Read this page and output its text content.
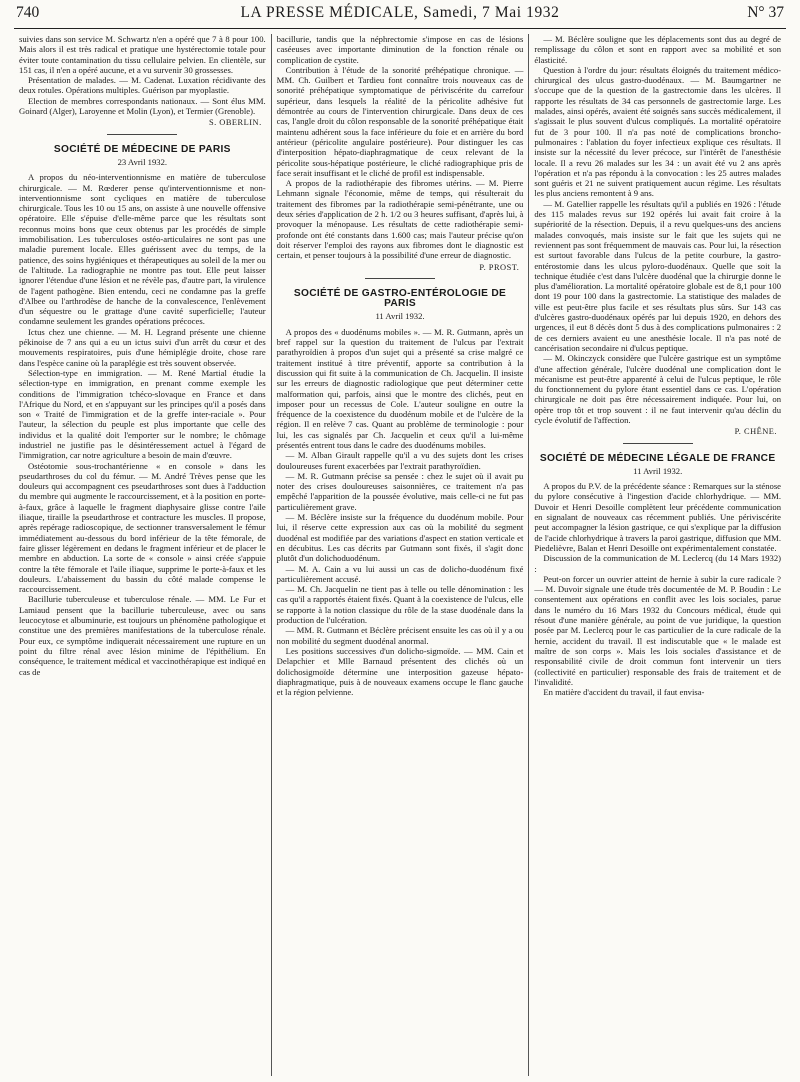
740	LA PRESSE MÉDICALE, Samedi, 7 Mai 1932	N° 37

suivies dans son service M. Schwartz n'en a opéré que 7 à 8 pour 100. Mais alors il est très radical et pratique une hystérectomie totale pour éviter toute contamination du tissu cellulaire pelvien. En clientèle, sur 151 cas, il n'en a opéré aucune, et a vu survenir 30 grossesses.

Présentation de malades. — M. Cadenat. Luxation récidivante des deux rotules. Opérations multiples. Guérison par myoplastie.

Election de membres correspondants nationaux. — Sont élus MM. Goinard (Alger), Laroyenne et Molin (Lyon), et Termier (Grenoble).

S. OBERLIN.
SOCIÉTÉ DE MÉDECINE DE PARIS
23 Avril 1932.

A propos du néo-interventionnisme en matière de tuberculose chirurgicale. — M. Rœderer pense qu'interventionnisme et non-interventionnisme sont cycliques en matière de tuberculose chirurgicale. Tous les 10 ou 15 ans, on assiste à une nouvelle offensive opératoire. Elle s'épuise d'elle-même parce que les résultats sont reconnus moins bons que ceux obtenus par les procédés de simple immobilisation. Les tuberculoses ostéo-articulaires ne sont pas une maladie purement locale. Elles guérissent avec du temps, de la patience, des soins hygiéniques et thérapeutiques au soleil de la mer ou de l'altitude. La radiographie ne montre pas tout. Elle peut laisser ignorer l'étendue d'une lésion et ne révèle pas, d'autre part, la virulence de l'agent pathogène. Bien entendu, ceci ne condamne pas la greffe d'Albee ou l'arthrodèse de hanche de la convalescence, l'enlèvement d'un séquestre ou le grattage d'une cavité superficielle; l'auteur condamne seulement les grandes opérations précoces.

Ictus chez une chienne. — M. H. Legrand présente une chienne pékinoise de 7 ans qui a eu un ictus suivi d'un arrêt du cœur et des mouvements respiratoires, puis d'une hémiplégie droite, chose rare dans l'espèce canine où la paraplégie est très souvent observée.

Sélection-type en immigration. — M. René Martial étudie la sélection-type en immigration, en prenant comme exemple les conditions de l'immigration tchéco-slovaque en France et dans l'Afrique du Nord, et en s'appuyant sur les principes qu'il a posés dans son « Traité de l'immigration et de la greffe inter-raciale ». Pour l'auteur, la sélection du peuple est plus importante que celle des individus et la qualité doit l'emporter sur le nombre; le chômage industriel ne justifie pas le désintéressement actuel à l'égard de l'immigration, car notre agriculture a besoin de main d'œuvre.

Ostéotomie sous-trochantérienne « en console » dans les pseudarthroses du col du fémur. — M. André Trèves pense que les douleurs qui accompagnent ces pseudarthroses sont dues à l'adduction du membre qui augmente le raccourcissement, et à la position en porte-à-faux, grâce à laquelle le fragment diaphysaire glisse contre l'aile iliaque, tiraille la pseudarthrose et contracture les muscles. Il propose, après repérage radioscopique, de sectionner transversalement le fémur immédiatement au-dessous du bord inférieur de la tête fémorale, de faire glisser légèrement en dedans le fragment inférieur et de placer le membre en abduction. La sorte de « console » ainsi créée s'appuie contre la tête fémorale et l'aile iliaque, supprime le porte-à-faux et les douleurs. L'abaissement du bassin du côté malade compense le raccourcissement.

Bacillurie tuberculeuse et tuberculose rénale. — MM. Le Fur et Lamiaud pensent que la bacillurie tuberculeuse, avec ou sans leucocytose et albuminurie, est toujours un phénomène pathologique et constitue une des premières manifestations de la tuberculose rénale. Pour eux, ce symptôme indiquerait nécessairement une rupture en un point du filtre rénal avec lésion minime de l'épithélium. En conséquence, le traitement médical et vaccinothérapique est indiqué en cas de

bacillurie, tandis que la néphrectomie s'impose en cas de lésions caséeuses avec importante diminution de la fonction rénale ou complication de cystite.

Contribution à l'étude de la sonorité préhépatique chronique. — MM. Ch. Guilbert et Tardieu font connaître trois nouveaux cas de sonorité préhépatique symptomatique de périviscérite du carrefour supérieur, dans lesquels la réalité de la péricolite adhésive fut démontrée au cours de l'intervention chirurgicale. Dans deux de ces cas, l'angle droit du côlon responsable de la sonorité préhépatique était maintenu adhérent sous la face inférieure du foie et en arrière du bord antérieur (péricolite angulaire postérieure). Pour distinguer les cas d'interposition hépato-diaphragmatique de ceux relevant de la péricolite sous-hépatique postérieure, le cliché radiographique pris de face serait insuffisant et le cliché de profil est indispensable.

A propos de la radiothérapie des fibromes utérins. — M. Pierre Lehmann signale l'économie, même de temps, qui résulterait du traitement des fibromes par la radiothérapie semi-pénétrante, une ou deux séries d'application de 2 h. 1/2 ou 3 heures suffisant, d'après lui, à provoquer la ménopause. Les résultats de cette radiothérapie semi-profonde ont été constants dans 1.600 cas; mais l'auteur précise qu'on doit réserver l'emploi des rayons aux fibromes dont le diagnostic est certain, et penser toujours à la possibilité d'une erreur de diagnostic.

P. PROST.
SOCIÉTÉ DE GASTRO-ENTÉROLOGIE DE PARIS
11 Avril 1932.

A propos des « duodénums mobiles ». — M. R. Gutmann, après un bref rappel sur la question du traitement de l'ulcus par l'extrait parathyroïdien à propos d'un sujet qui a présenté sa crise malgré ce traitement institué à titre préventif, apporte sa contribution à la discussion qui fit suite à la communication de Ch. Jacquelin. Il insiste sur les erreurs de diagnostic radiologique que peut déterminer cette malformation qui, parfois, ainsi que le montre des clichés, peut en imposer pour un recessus de Cole. L'auteur souligne en outre la fréquence de la coexistence du duodénum mobile et de l'ulcère de la région. Il en relève 7 cas. Quant au problème de terminologie : pour lui, les cas signalés par Ch. Jacquelin et ceux qu'il a lui-même présentés entrent tous dans le cadre des duodénums mobiles.

— M. Alban Girault rappelle qu'il a vu des sujets dont les crises douloureuses furent exacerbées par l'extrait parathyroïdien.

— M. R. Gutmann précise sa pensée : chez le sujet où il avait pu noter des crises douloureuses saisonnières, ce traitement n'a pas empêché l'apparition de la poussée évolutive, mais celle-ci ne fut pas particulièrement grave.

— M. Béclère insiste sur la fréquence du duodénum mobile. Pour lui, il réserve cette expression aux cas où la mobilité du segment duodénal est modifiée par des variations d'aspect en station verticale et en décubitus. Les cas décrits par Gutmann sont fixés, il s'agit donc plutôt d'un dolichoduodénum.

— M. A. Cain a vu lui aussi un cas de dolicho-duodénum fixé particulièrement accusé.

— M. Ch. Jacquelin ne tient pas à telle ou telle dénomination : les cas qu'il a rapportés étaient fixés. Quant à la coexistence de l'ulcus, elle se rapporte à la notion classique du rôle de la stase duodénale dans la production de l'ulcération.

— MM. R. Gutmann et Béclère précisent ensuite les cas où il y a ou non mobilité du segment duodénal anormal.

Les positions successives d'un dolicho-sigmoïde. — MM. Cain et Delapchier et Mlle Barnaud présentent des clichés où un dolichosigmoïde détermine une interposition gazeuse hépato-diaphragmatique, puis à de nouveaux examens occupe le flanc gauche et la région pelvienne.

— M. Béclère souligne que les déplacements sont dus au degré de remplissage du côlon et sont en rapport avec sa mobilité et son élasticité.

Question à l'ordre du jour: résultats éloignés du traitement médico-chirurgical des ulcus gastro-duodénaux. — M. Baumgartner ne s'occupe que de la question de la gastrectomie dans les ulcères. Il rapporte les résultats de 34 cas personnels de gastrectomie large. Les malades, ainsi opérés, avaient été soignés sans succès médicalement, il s'agissait le plus souvent d'ulcus compliqués. La mortalité opératoire fut de 3 pour 100. Il n'a pas noté de complications broncho-pulmonaires : l'ablation du foyer infectieux explique ces résultats. Il insiste sur la nécessité du lever précoce, sur l'intérêt de l'anesthésie locale. Il a revu 26 malades sur les 34 : un avait été vu 2 ans après l'opération et n'a pas répondu à la convocation : les 25 autres malades sont guéris et 21 ne suivent pratiquement aucun régime. Les résultats les plus anciens remontent à 9 ans.

— M. Gatellier rappelle les résultats qu'il a publiés en 1926 : l'étude des 115 malades revus sur 192 opérés lui avait fait croire à la supériorité de la résection. Depuis, il a revu quelques-uns des anciens malades convoqués, mais insiste sur le fait que les sujets qui ne reviennent pas sont fréquemment de mauvais cas. Pour lui, la résection est surtout favorable dans l'ulcus de la petite courbure, la gastro-entérostomie dans les ulcus pyloro-duodénaux. Quelle que soit la technique étudiée c'est dans l'ulcère duodénal que la chirurgie donne le plus d'amélioration. La mortalité opératoire globale est de 8,1 pour 100 dont 19 pour 100 dans la gastrectomie. La statistique des malades de ville est peut-être plus facile et ses résultats plus sûrs. Sur 143 cas d'ulcères gastro-duodénaux opérés par lui depuis 1920, en dehors des urgences, il eut 8 décès dont 5 dus à des complications pulmonaires : 2 de ces derniers avaient eu une anesthésie locale. Il n'a pas noté de cancérisation secondaire ni d'ulcus peptique.

— M. Okinczyck considère que l'ulcère gastrique est un symptôme d'une affection générale, l'ulcère duodénal une complication dont le mécanisme est peut-être apparenté à celui de l'ulcus peptique, le rôle du fonctionnement du pylore étant essentiel dans ce cas. L'opération chirurgicale ne doit pas être nécessairement indiquée. Pour lui, on opère trop tôt et trop souvent : il ne faut intervenir qu'au déclin du cycle évolutif de l'affection.

P. CHÊNE.
SOCIÉTÉ DE MÉDECINE LÉGALE DE FRANCE
11 Avril 1932.

A propos du P.V. de la précédente séance : Remarques sur la sténose du pylore consécutive à l'ingestion d'acide chlorhydrique. — MM. Duvoir et Henri Desoille complètent leur précédente communication en signalant de nouveaux cas récemment publiés. Une périviscérite peut accompagner la lésion gastrique, ce qui s'explique par la diffusion de l'acide chlorhydrique à travers la paroi gastrique, diffusion que MM. Piedelièvre, Balan et Henri Desoille ont expérimentalement constatée.

Discussion de la communication de M. Leclercq (du 14 Mars 1932) :

Peut-on forcer un ouvrier atteint de hernie à subir la cure radicale ? — M. Duvoir signale une étude très documentée de M. P. Boudin : Le consentement aux opérations en conflit avec les lois sociales, parue dans le numéro du 16 Mars 1932 du Concours médical, étude qui résout d'une manière générale, au point de vue juridique, la question posée par M. Leclercq pour le cas particulier de la cure radicale de la hernie, accident du travail. Il est indiscutable que « le malade est maître de son corps ». Mais les lois sociales d'assistance et de responsabilité civile de droit commun font intervenir un tiers (collectivité en particulier) responsable des frais de traitement et de l'invalidité.

En matière d'accident du travail, il faut envisa-
